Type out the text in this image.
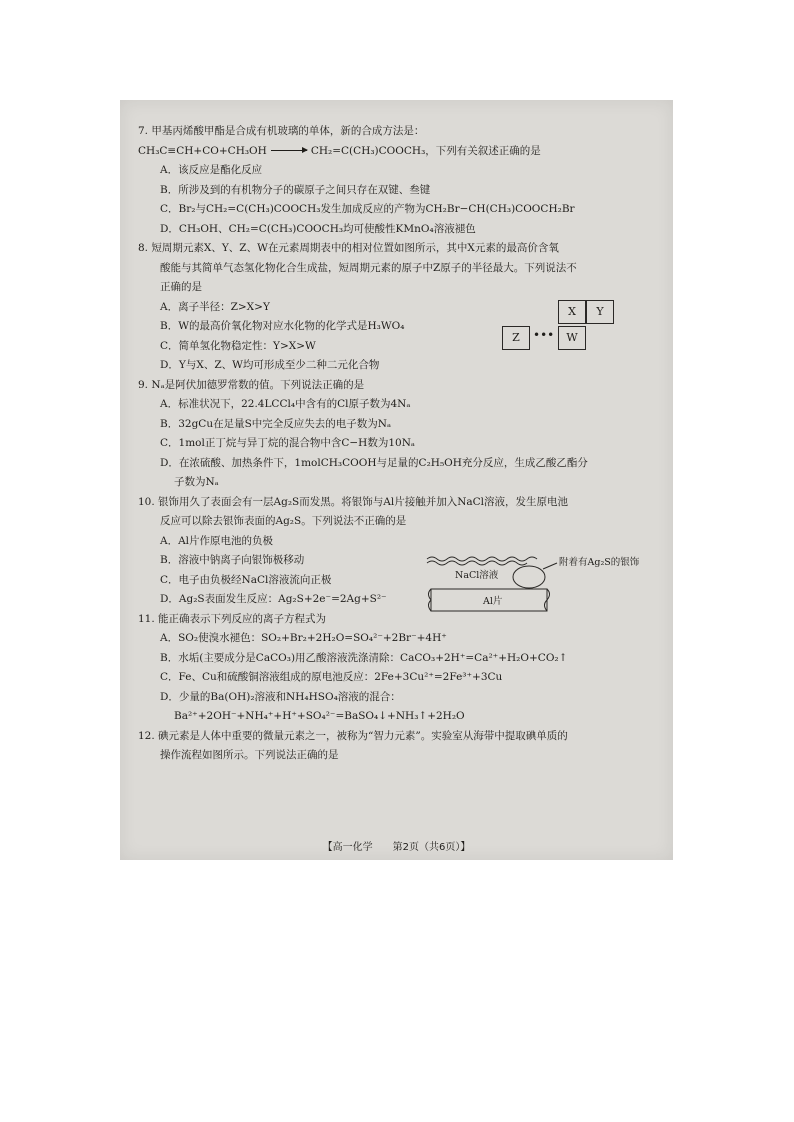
7. 甲基丙烯酸甲酯是合成有机玻璃的单体，新的合成方法是：
CH₃C≡CH+CO+CH₃OH → CH₂=C(CH₃)COOCH₃，下列有关叙述正确的是
A．该反应是酯化反应
B．所涉及到的有机物分子的碳原子之间只存在双键、叁键
C．Br₂与CH₂=C(CH₃)COOCH₃发生加成反应的产物为CH₂Br−CH(CH₃)COOCH₂Br
D．CH₃OH、CH₂=C(CH₃)COOCH₃均可使酸性KMnO₄溶液褪色
8. 短周期元素X、Y、Z、W在元素周期表中的相对位置如图所示，其中X元素的最高价含氧
酸能与其简单气态氢化物化合生成盐，短周期元素的原子中Z原子的半径最大。下列说法不
正确的是
A．离子半径：Z>X>Y
B．W的最高价氧化物对应水化物的化学式是H₃WO₄
C．简单氢化物稳定性：Y>X>W
D．Y与X、Z、W均可形成至少二种二元化合物
9. Nₐ是阿伏加德罗常数的值。下列说法正确的是
A．标准状况下，22.4LCCl₄中含有的Cl原子数为4Nₐ
B．32gCu在足量S中完全反应失去的电子数为Nₐ
C．1mol正丁烷与异丁烷的混合物中含C−H数为10Nₐ
D．在浓硫酸、加热条件下，1molCH₃COOH与足量的C₂H₅OH充分反应，生成乙酸乙酯分
子数为Nₐ
10. 银饰用久了表面会有一层Ag₂S而发黑。将银饰与Al片接触并加入NaCl溶液，发生原电池
反应可以除去银饰表面的Ag₂S。下列说法不正确的是
A．Al片作原电池的负极
B．溶液中钠离子向银饰极移动
C．电子由负极经NaCl溶液流向正极
D．Ag₂S表面发生反应：Ag₂S+2e⁻=2Ag+S²⁻
11. 能正确表示下列反应的离子方程式为
A．SO₂使溴水褪色：SO₂+Br₂+2H₂O=SO₄²⁻+2Br⁻+4H⁺
B．水垢(主要成分是CaCO₃)用乙酸溶液洗涤清除：CaCO₃+2H⁺=Ca²⁺+H₂O+CO₂↑
C．Fe、Cu和硫酸铜溶液组成的原电池反应：2Fe+3Cu²⁺=2Fe³⁺+3Cu
D．少量的Ba(OH)₂溶液和NH₄HSO₄溶液的混合：
Ba²⁺+2OH⁻+NH₄⁺+H⁺+SO₄²⁻=BaSO₄↓+NH₃↑+2H₂O
12. 碘元素是人体中重要的微量元素之一，被称为“智力元素”。实验室从海带中提取碘单质的
操作流程如图所示。下列说法正确的是
X	Y
Z	•••	W
附着有Ag₂S的银饰
NaCl溶液
Al片
【高一化学　　第2页（共6页）】
